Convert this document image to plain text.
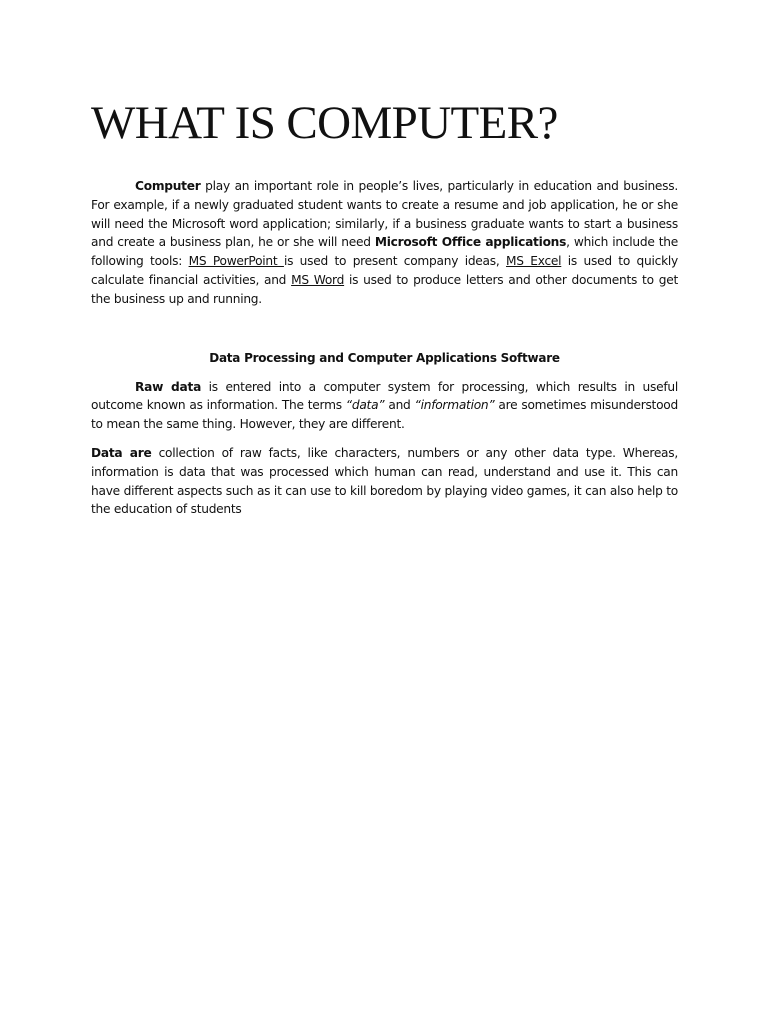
WHAT IS COMPUTER?

Computer play an important role in people’s lives, particularly in education and business. For example, if a newly graduated student wants to create a resume and job application, he or she will need the Microsoft word application; similarly, if a business graduate wants to start a business and create a business plan, he or she will need Microsoft Office applications, which include the following tools: MS PowerPoint is used to present company ideas, MS Excel is used to quickly calculate financial activities, and MS Word is used to produce letters and other documents to get the business up and running.

Data Processing and Computer Applications Software

Raw data is entered into a computer system for processing, which results in useful outcome known as information. The terms “data” and “information” are sometimes misunderstood to mean the same thing. However, they are different.

Data are collection of raw facts, like characters, numbers or any other data type. Whereas, information is data that was processed which human can read, understand and use it. This can have different aspects such as it can use to kill boredom by playing video games, it can also help to the education of students
